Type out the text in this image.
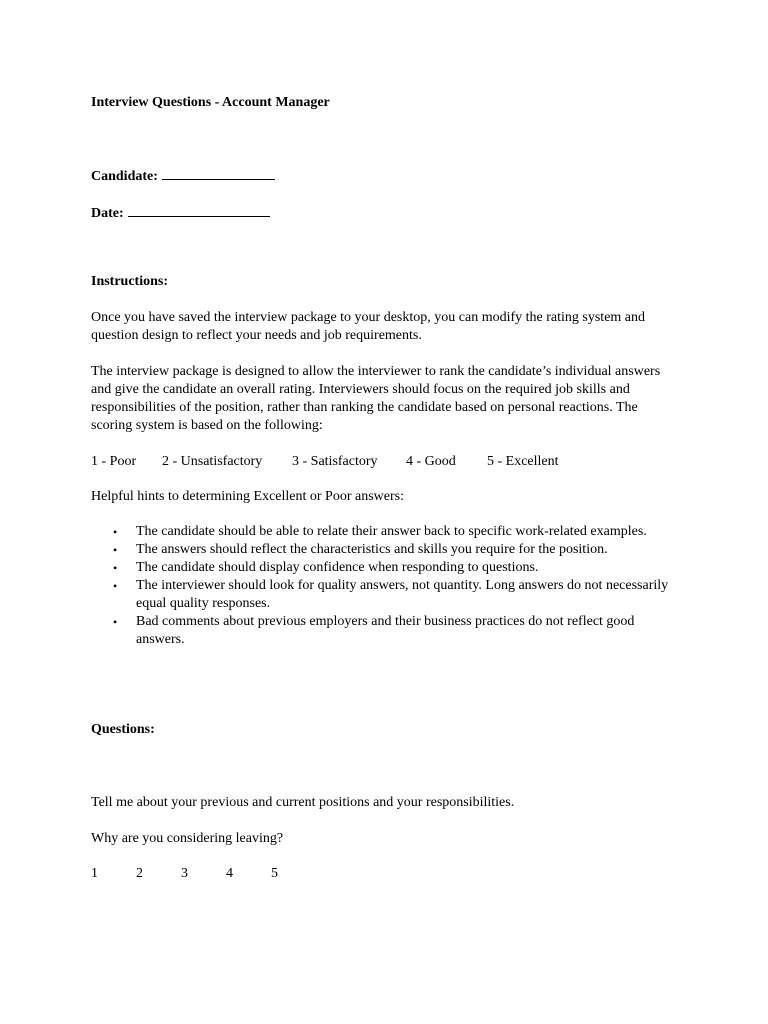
Interview Questions - Account Manager

Candidate:

Date:

Instructions:

Once you have saved the interview package to your desktop, you can modify the rating system and question design to reflect your needs and job requirements.

The interview package is designed to allow the interviewer to rank the candidate’s individual answers and give the candidate an overall rating. Interviewers should focus on the required job skills and responsibilities of the position, rather than ranking the candidate based on personal reactions. The scoring system is based on the following:

1 - Poor 2 - Unsatisfactory 3 - Satisfactory 4 - Good 5 - Excellent

Helpful hints to determining Excellent or Poor answers:

• The candidate should be able to relate their answer back to specific work-related examples.
• The answers should reflect the characteristics and skills you require for the position.
• The candidate should display confidence when responding to questions.
• The interviewer should look for quality answers, not quantity. Long answers do not necessarily equal quality responses.
• Bad comments about previous employers and their business practices do not reflect good answers.

Questions:

Tell me about your previous and current positions and your responsibilities.

Why are you considering leaving?

1	2	3	4	5
